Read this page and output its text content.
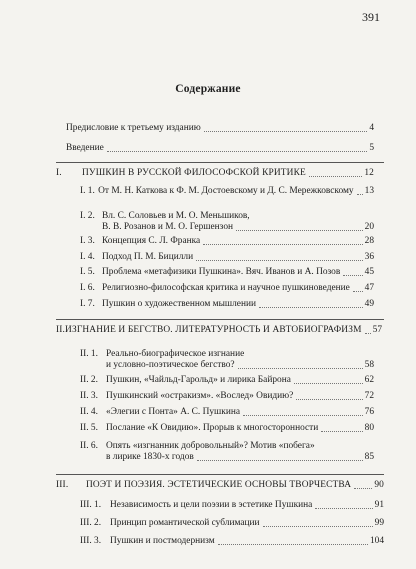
391
Содержание
Предисловие к третьему изданию	4
Введение	5
I.	ПУШКИН В РУССКОЙ ФИЛОСОФСКОЙ КРИТИКЕ	12
I. 1. От М. Н. Каткова к Ф. М. Достоевскому и Д. С. Мережковскому 13
I. 2. Вл. С. Соловьев и М. О. Меньшиков,
В. В. Розанов и М. О. Гершензон	20
I. 3. Концепция С. Л. Франка	28
I. 4. Подход П. М. Бицилли	36
I. 5. Проблема «метафизики Пушкина». Вяч. Иванов и А. Позов	45
I. 6. Религиозно-философская критика и научное пушкиноведение 47
I. 7. Пушкин о художественном мышлении	49
II. ИЗГНАНИЕ И БЕГСТВО. ЛИТЕРАТУРНОСТЬ И АВТОБИОГРАФИЗМ 57
II. 1. Реально-биографическое изгнание
и условно-поэтическое бегство?	58
II. 2. Пушкин, «Чайльд-Гарольд» и лирика Байрона	62
II. 3. Пушкинский «остракизм». «Вослед» Овидию?	72
II. 4. «Элегии с Понта» А. С. Пушкина	76
II. 5. Послание «К Овидию». Прорыв к многосторонности	80
II. 6. Опять «изгнанник добровольный»? Мотив «побега»
в лирике 1830-х годов	85
III.	ПОЭТ И ПОЭЗИЯ. ЭСТЕТИЧЕСКИЕ ОСНОВЫ ТВОРЧЕСТВА 90
III. 1. Независимость и цели поэзии в эстетике Пушкина	91
III. 2. Принцип романтической сублимации	99
III. 3. Пушкин и постмодернизм	104
